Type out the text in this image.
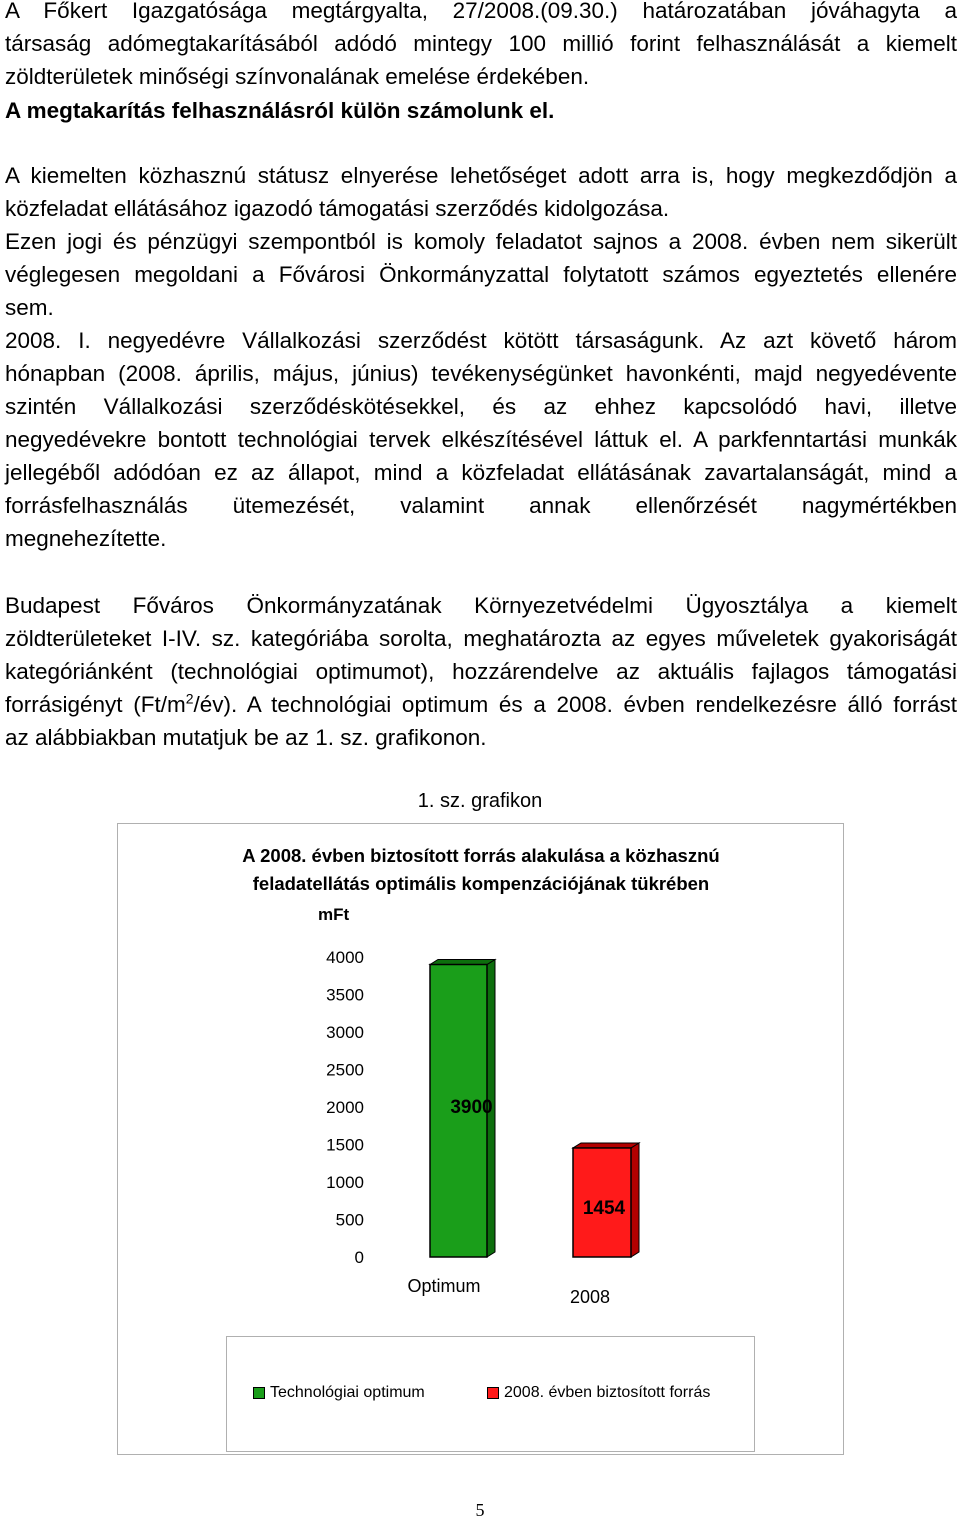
A Főkert Igazgatósága megtárgyalta, 27/2008.(09.30.) határozatában jóváhagyta a
társaság adómegtakarításából adódó mintegy 100 millió forint felhasználását a kiemelt
zöldterületek minőségi színvonalának emelése érdekében.
A megtakarítás felhasználásról külön számolunk el.
A kiemelten közhasznú státusz elnyerése lehetőséget adott arra is, hogy megkezdődjön a
közfeladat ellátásához igazodó támogatási szerződés kidolgozása.
Ezen jogi és pénzügyi szempontból is komoly feladatot sajnos a 2008. évben nem sikerült
véglegesen megoldani a Fővárosi Önkormányzattal folytatott számos egyeztetés ellenére
sem.
2008. I. negyedévre Vállalkozási szerződést kötött társaságunk. Az azt követő három
hónapban (2008. április, május, június) tevékenységünket havonkénti, majd negyedévente
szintén Vállalkozási szerződéskötésekkel, és az ehhez kapcsolódó havi, illetve
negyedévekre bontott technológiai tervek elkészítésével láttuk el. A parkfenntartási munkák
jellegéből adódóan ez az állapot, mind a közfeladat ellátásának zavartalanságát, mind a
forrásfelhasználás ütemezését, valamint annak ellenőrzését nagymértékben
megnehezítette.
Budapest Főváros Önkormányzatának Környezetvédelmi Ügyosztálya a kiemelt
zöldterületeket I-IV. sz. kategóriába sorolta, meghatározta az egyes műveletek gyakoriságát
kategóriánként (technológiai optimumot), hozzárendelve az aktuális fajlagos támogatási
forrásigényt $(Ft/m^2/év)$. A technológiai optimum és a 2008. évben rendelkezésre álló forrást
az alábbiakban mutatjuk be az 1. sz. grafikonon.
1. sz. grafikon
A 2008. évben biztosított forrás alakulása a közhasznú
feladatellátás optimális kompenzációjának tükrében
mFt
0
500
1000
1500
2000
2500
3000
3500
4000
3900
Optimum
1454
2008
Technológiai optimum	2008. évben biztosított forrás
5
